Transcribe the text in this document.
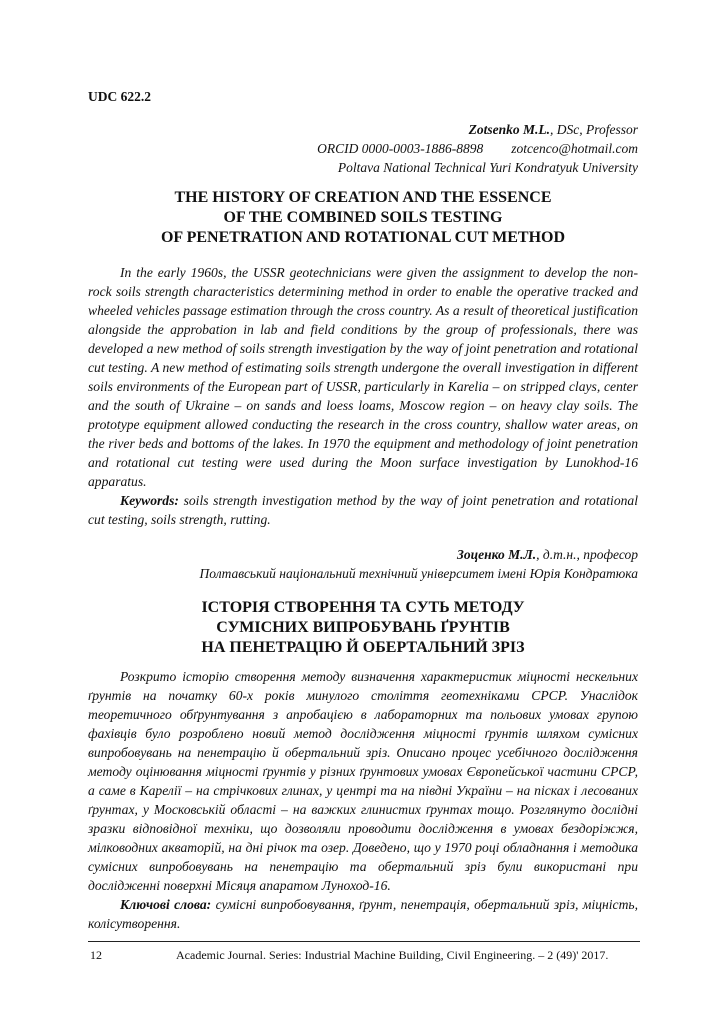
UDC 622.2
Zotsenko M.L., DSc, Professor
ORCID 0000-0003-1886-8898 zotcenco@hotmail.com
Poltava National Technical Yuri Kondratyuk University
THE HISTORY OF CREATION AND THE ESSENCE
OF THE COMBINED SOILS TESTING
OF PENETRATION AND ROTATIONAL CUT METHOD

In the early 1960s, the USSR geotechnicians were given the assignment to develop the non-rock soils strength characteristics determining method in order to enable the operative tracked and wheeled vehicles passage estimation through the cross country. As a result of theoretical justification alongside the approbation in lab and field conditions by the group of professionals, there was developed a new method of soils strength investigation by the way of joint penetration and rotational cut testing. A new method of estimating soils strength undergone the overall investigation in different soils environments of the European part of USSR, particularly in Karelia – on stripped clays, center and the south of Ukraine – on sands and loess loams, Moscow region – on heavy clay soils. The prototype equipment allowed conducting the research in the cross country, shallow water areas, on the river beds and bottoms of the lakes. In 1970 the equipment and methodology of joint penetration and rotational cut testing were used during the Moon surface investigation by Lunokhod-16 apparatus.

Keywords: soils strength investigation method by the way of joint penetration and rotational cut testing, soils strength, rutting.

Зоценко М.Л., д.т.н., професор
Полтавський національний технічний університет імені Юрія Кондратюка
ІСТОРІЯ СТВОРЕННЯ ТА СУТЬ МЕТОДУ
СУМІСНИХ ВИПРОБУВАНЬ ҐРУНТІВ
НА ПЕНЕТРАЦІЮ Й ОБЕРТАЛЬНИЙ ЗРІЗ

Розкрито історію створення методу визначення характеристик міцності нескельних ґрунтів на початку 60-х років минулого століття геотехніками СРСР. Унаслідок теоретичного обґрунтування з апробацією в лабораторних та польових умовах групою фахівців було розроблено новий метод дослідження міцності ґрунтів шляхом сумісних випробовувань на пенетрацію й обертальний зріз. Описано процес усебічного дослідження методу оцінювання міцності ґрунтів у різних ґрунтових умовах Європейської частини СРСР, а саме в Карелії – на стрічкових глинах, у центрі та на півдні України – на пісках і лесованих ґрунтах, у Московській області – на важких глинистих ґрунтах тощо. Розглянуто дослідні зразки відповідної техніки, що дозволяли проводити дослідження в умовах бездоріжжя, мілководних акваторій, на дні річок та озер. Доведено, що у 1970 році обладнання і методика сумісних випробовувань на пенетрацію та обертальний зріз були використані при дослідженні поверхні Місяця апаратом Луноход-16.

Ключові слова: сумісні випробовування, ґрунт, пенетрація, обертальний зріз, міцність, колісутворення.

12	Academic Journal. Series: Industrial Machine Building, Civil Engineering. – 2 (49)' 2017.
